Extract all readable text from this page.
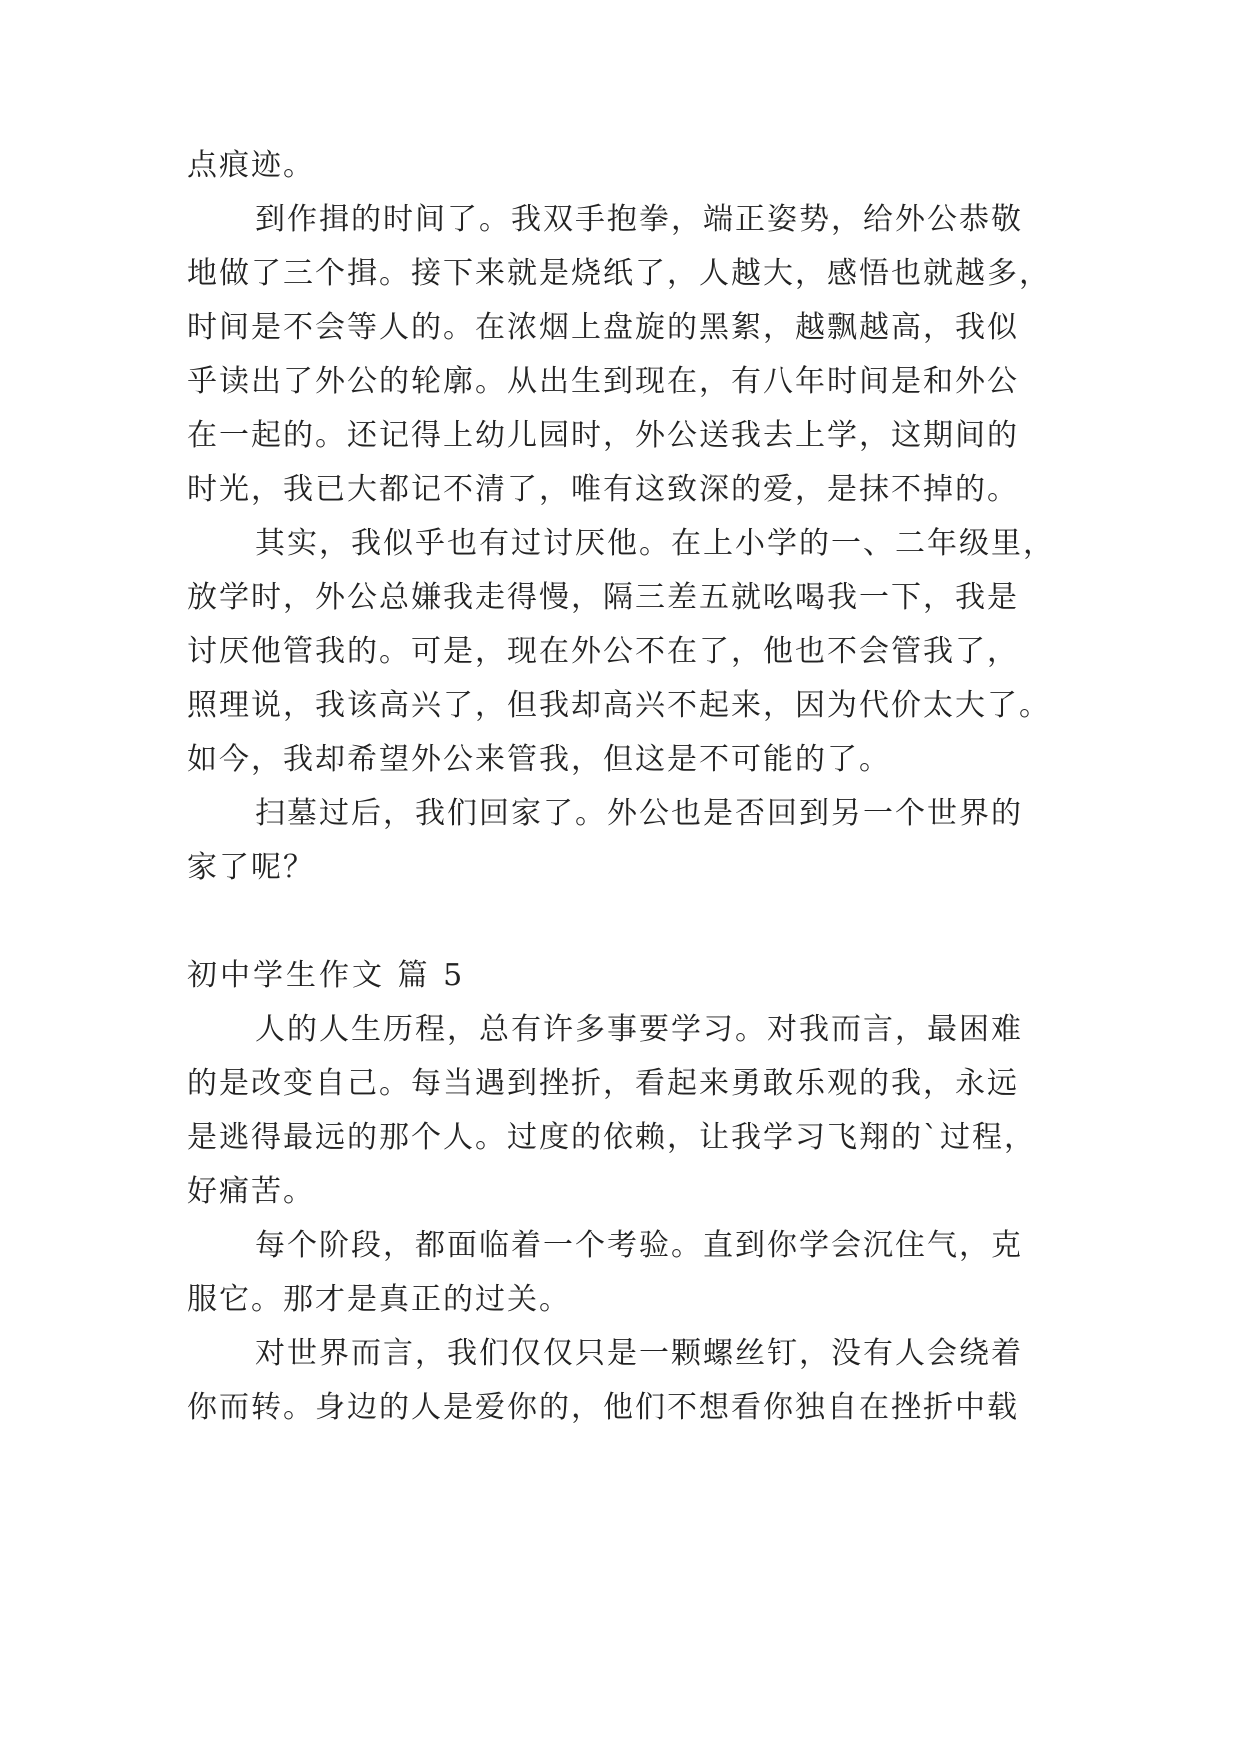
点痕迹。
到作揖的时间了。我双手抱拳，端正姿势，给外公恭敬
地做了三个揖。接下来就是烧纸了，人越大，感悟也就越多，
时间是不会等人的。在浓烟上盘旋的黑絮，越飘越高，我似
乎读出了外公的轮廓。从出生到现在，有八年时间是和外公
在一起的。还记得上幼儿园时，外公送我去上学，这期间的
时光，我已大都记不清了，唯有这致深的爱，是抹不掉的。
其实，我似乎也有过讨厌他。在上小学的一、二年级里，
放学时，外公总嫌我走得慢，隔三差五就吆喝我一下，我是
讨厌他管我的。可是，现在外公不在了，他也不会管我了，
照理说，我该高兴了，但我却高兴不起来，因为代价太大了。
如今，我却希望外公来管我，但这是不可能的了。
扫墓过后，我们回家了。外公也是否回到另一个世界的
家了呢？
初中学生作文 篇 5
人的人生历程，总有许多事要学习。对我而言，最困难
的是改变自己。每当遇到挫折，看起来勇敢乐观的我，永远
是逃得最远的那个人。过度的依赖，让我学习飞翔的`过程，
好痛苦。
每个阶段，都面临着一个考验。直到你学会沉住气，克
服它。那才是真正的过关。
对世界而言，我们仅仅只是一颗螺丝钉，没有人会绕着
你而转。身边的人是爱你的，他们不想看你独自在挫折中载
